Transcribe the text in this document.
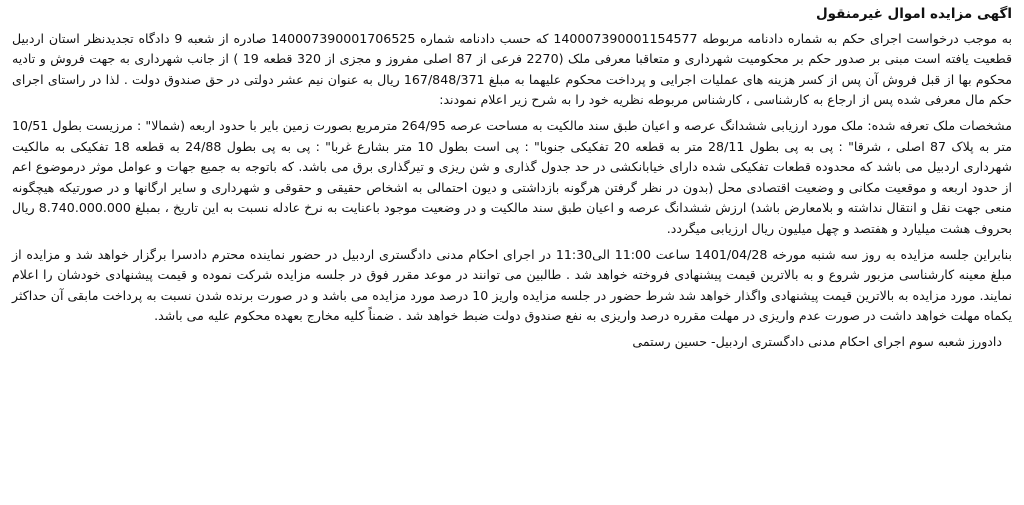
اگهی مزایده اموال غیرمنقول

به موجب درخواست اجرای حکم به شماره دادنامه مربوطه 140007390001154577 که حسب دادنامه شماره 140007390001706525 صادره از شعبه 9 دادگاه تجدیدنظر استان اردبیل قطعیت یافته است مبنی بر صدور حکم بر محکومیت شهرداری و متعاقبا معرفی ملک (2270 فرعی از 87 اصلی مفروز و مجزی از 320 قطعه 19 ) از جانب شهرداری به جهت فروش و تادیه محکوم بها از قبل فروش آن پس از کسر هزینه های عملیات اجرایی و پرداخت محکوم علیهما به مبلغ 167/848/371 ریال به عنوان نیم عشر دولتی در حق صندوق دولت . لذا در راستای اجرای حکم مال معرفی شده پس از ارجاع به کارشناسی ، کارشناس مربوطه نظریه خود را به شرح زیر اعلام نمودند:

مشخصات ملک تعرفه شده: ملک مورد ارزیابی ششدانگ عرصه و اعیان طبق سند مالکیت به مساحت عرصه 264/95 مترمربع بصورت زمین بایر با حدود اربعه (شمالا" : مرزیست بطول 10/51 متر به پلاک 87 اصلی ، شرقا" : پی به پی بطول 28/11 متر به قطعه 20 تفکیکی جنوبا" : پی است بطول 10 متر بشارع غربا" : پی به پی بطول 24/88 به قطعه 18 تفکیکی به مالکیت شهرداری اردبیل می باشد که محدوده قطعات تفکیکی شده دارای خیابانکشی در حد جدول گذاری و شن ریزی و تیرگذاری برق می باشد. که باتوجه به جمیع جهات و عوامل موثر درموضوع اعم از حدود اربعه و موقعیت مکانی و وضعیت اقتصادی محل (بدون در نظر گرفتن هرگونه بازداشتی و دیون احتمالی به اشخاص حقیقی و حقوقی و شهرداری و سایر ارگانها و در صورتیکه هیچگونه منعی جهت نقل و انتقال نداشته و بلامعارض باشد) ارزش ششدانگ عرصه و اعیان طبق سند مالکیت و در وضعیت موجود باعنایت به نرخ عادله نسبت به این تاریخ ، بمبلغ 8.740.000.000 ریال بحروف هشت میلیارد و هفتصد و چهل میلیون ریال ارزیابی میگردد.

بنابراین جلسه مزایده به روز سه شنبه مورخه 1401/04/28 ساعت 11:00 الی11:30 در اجرای احکام مدنی دادگستری اردبیل در حضور نماینده محترم دادسرا برگزار خواهد شد و مزایده از مبلغ معینه کارشناسی مزبور شروع و به بالاترین قیمت پیشنهادی فروخته خواهد شد . طالبین می توانند در موعد مقرر فوق در جلسه مزایده شرکت نموده و قیمت پیشنهادی خودشان را اعلام نمایند. مورد مزایده به بالاترین قیمت پیشنهادی واگذار خواهد شد شرط حضور در جلسه مزایده واریز 10 درصد مورد مزایده می باشد و در صورت برنده شدن نسبت به پرداخت مابقی آن حداکثر یکماه مهلت خواهد داشت در صورت عدم واریزی در مهلت مقرره درصد واریزی به نفع صندوق دولت ضبط خواهد شد . ضمناً کلیه مخارج بعهده محکوم علیه می باشد.

دادورز شعبه سوم اجرای احکام مدنی دادگستری اردبیل- حسین رستمی
